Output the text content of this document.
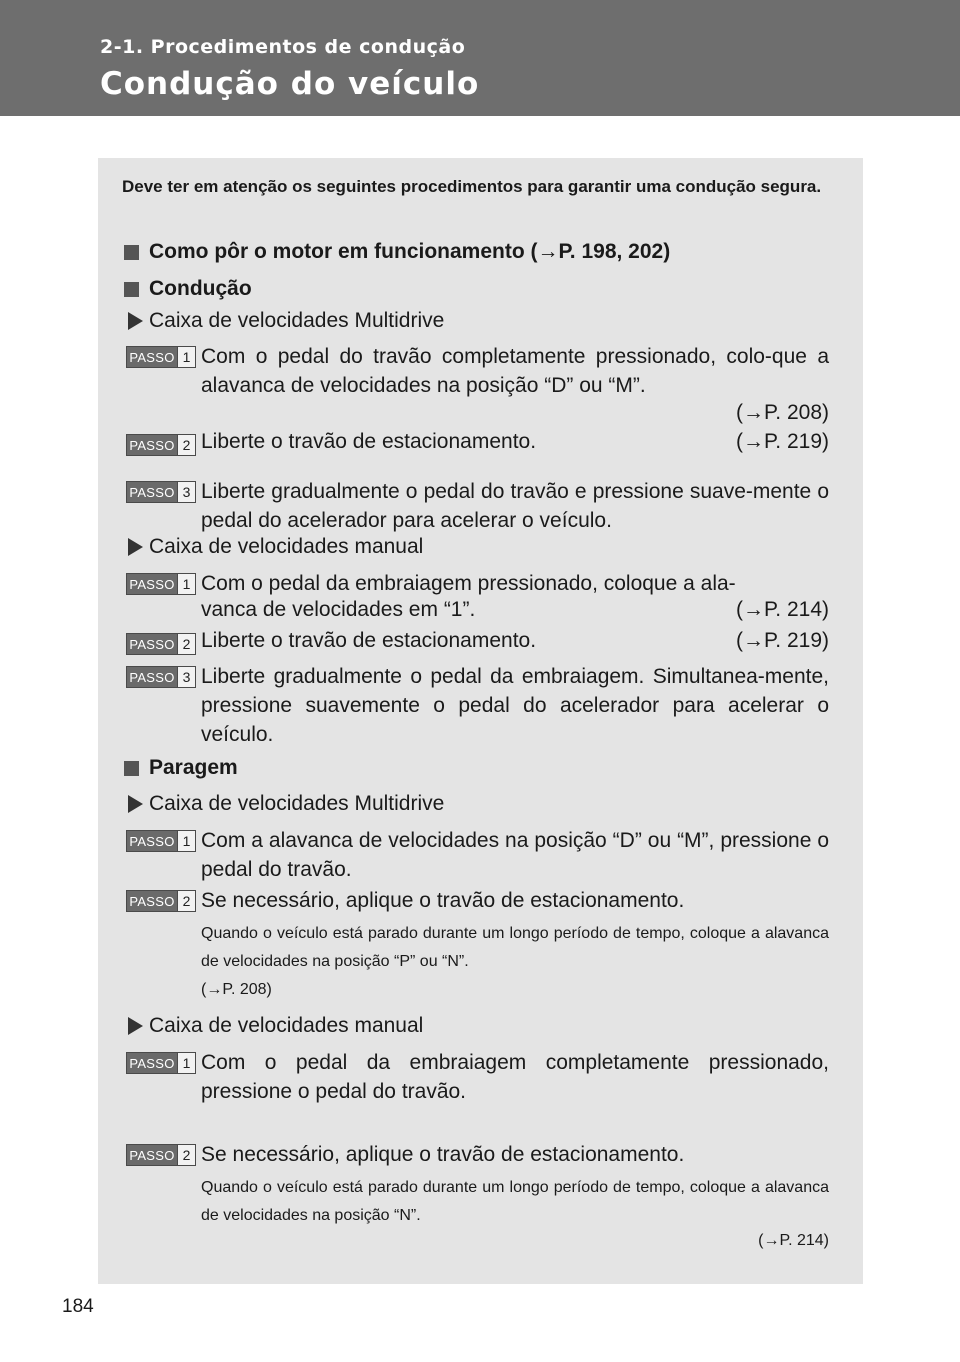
2-1. Procedimentos de condução
Condução do veículo
Deve ter em atenção os seguintes procedimentos para garantir uma condução segura.
Como pôr o motor em funcionamento (→P. 198, 202)
Condução
Caixa de velocidades Multidrive
PASSO 1 Com o pedal do travão completamente pressionado, colo-que a alavanca de velocidades na posição “D” ou “M”.
(→P. 208)
PASSO 2 Liberte o travão de estacionamento.	(→P. 219)
PASSO 3 Liberte gradualmente o pedal do travão e pressione suave-mente o pedal do acelerador para acelerar o veículo.
Caixa de velocidades manual
PASSO 1 Com o pedal da embraiagem pressionado, coloque a ala-
vanca de velocidades em “1”.	(→P. 214)
PASSO 2 Liberte o travão de estacionamento.	(→P. 219)
PASSO 3 Liberte gradualmente o pedal da embraiagem. Simultanea-mente, pressione suavemente o pedal do acelerador para acelerar o veículo.
Paragem
Caixa de velocidades Multidrive
PASSO 1 Com a alavanca de velocidades na posição “D” ou “M”, pressione o pedal do travão.
PASSO 2 Se necessário, aplique o travão de estacionamento.
Quando o veículo está parado durante um longo período de tempo, coloque a alavanca de velocidades na posição “P” ou “N”.
(→P. 208)
Caixa de velocidades manual
PASSO 1 Com o pedal da embraiagem completamente pressionado, pressione o pedal do travão.
PASSO 2 Se necessário, aplique o travão de estacionamento.
Quando o veículo está parado durante um longo período de tempo, coloque a alavanca de velocidades na posição “N”.
(→P. 214)
184
